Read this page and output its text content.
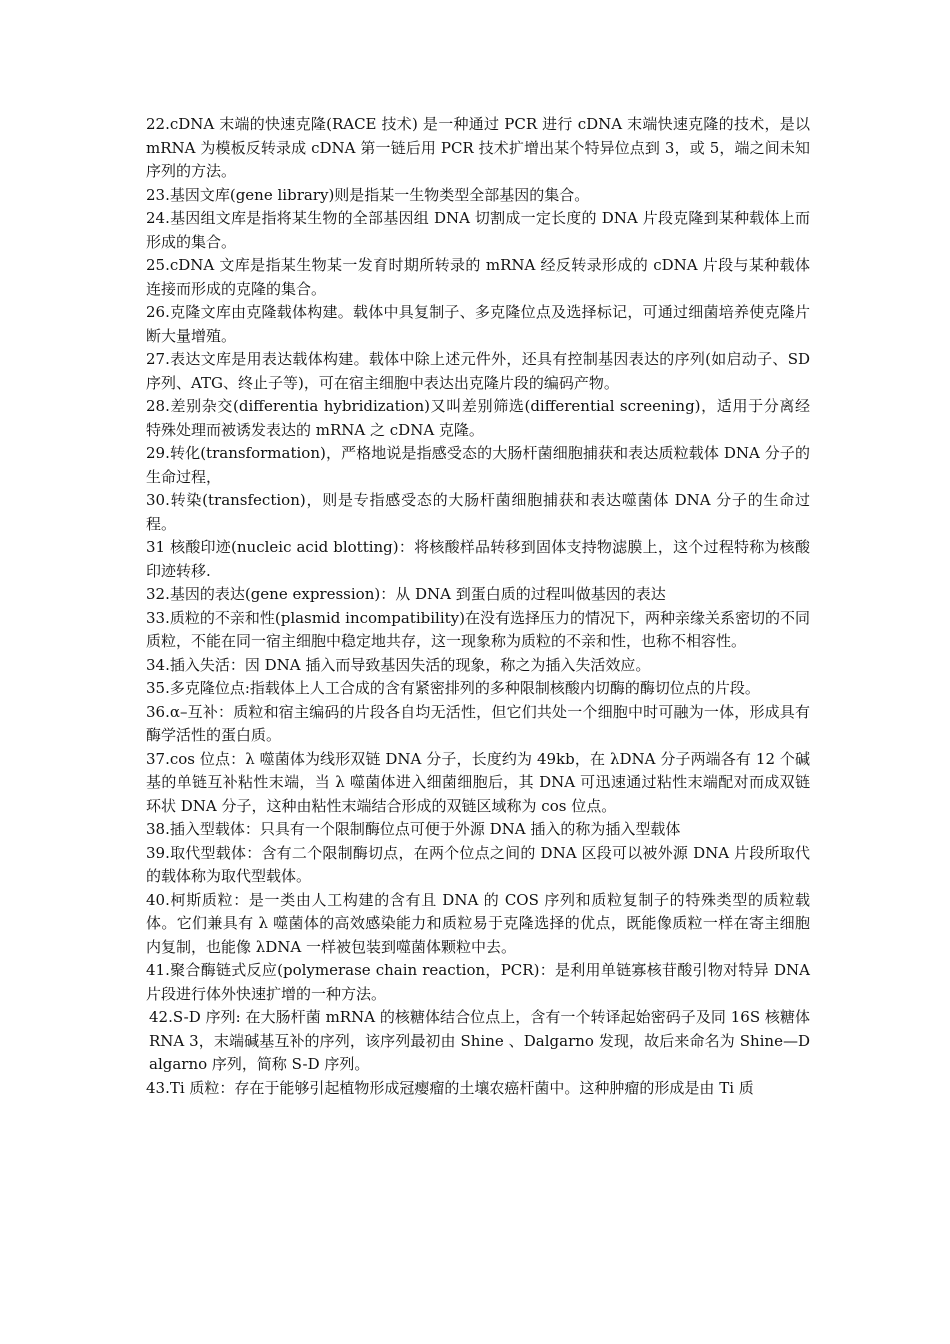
22.cDNA 末端的快速克隆(RACE 技术) 是一种通过 PCR 进行 cDNA 末端快速克隆的技术，是以 mRNA 为模板反转录成 cDNA 第一链后用 PCR 技术扩增出某个特异位点到 3，或 5，端之间未知序列的方法。

23.基因文库(gene library)则是指某一生物类型全部基因的集合。

24.基因组文库是指将某生物的全部基因组 DNA 切割成一定长度的 DNA 片段克隆到某种载体上而形成的集合。

25.cDNA 文库是指某生物某一发育时期所转录的 mRNA 经反转录形成的 cDNA 片段与某种载体连接而形成的克隆的集合。

26.克隆文库由克隆载体构建。载体中具复制子、多克隆位点及选择标记，可通过细菌培养使克隆片断大量增殖。

27.表达文库是用表达载体构建。载体中除上述元件外，还具有控制基因表达的序列(如启动子、SD 序列、ATG、终止子等)，可在宿主细胞中表达出克隆片段的编码产物。

28.差别杂交(differentia hybridization)又叫差别筛选(differential screening)，适用于分离经特殊处理而被诱发表达的 mRNA 之 cDNA 克隆。

29.转化(transformation)，严格地说是指感受态的大肠杆菌细胞捕获和表达质粒载体 DNA 分子的生命过程，

30.转染(transfection)，则是专指感受态的大肠杆菌细胞捕获和表达噬菌体 DNA 分子的生命过程。

31 核酸印迹(nucleic acid blotting)：将核酸样品转移到固体支持物滤膜上，这个过程特称为核酸印迹转移.

32.基因的表达(gene expression)：从 DNA 到蛋白质的过程叫做基因的表达

33.质粒的不亲和性(plasmid incompatibility)在没有选择压力的情况下，两种亲缘关系密切的不同质粒，不能在同一宿主细胞中稳定地共存，这一现象称为质粒的不亲和性，也称不相容性。

34.插入失活：因 DNA 插入而导致基因失活的现象，称之为插入失活效应。

35.多克隆位点:指载体上人工合成的含有紧密排列的多种限制核酸内切酶的酶切位点的片段。

36.α–互补：质粒和宿主编码的片段各自均无活性，但它们共处一个细胞中时可融为一体，形成具有酶学活性的蛋白质。

37.cos 位点：λ 噬菌体为线形双链 DNA 分子，长度约为 49kb，在 λDNA 分子两端各有 12 个碱基的单链互补粘性末端，当 λ 噬菌体进入细菌细胞后，其 DNA 可迅速通过粘性末端配对而成双链环状 DNA 分子，这种由粘性末端结合形成的双链区域称为 cos 位点。

38.插入型载体：只具有一个限制酶位点可便于外源 DNA 插入的称为插入型载体

39.取代型载体：含有二个限制酶切点，在两个位点之间的 DNA 区段可以被外源 DNA 片段所取代的载体称为取代型载体。

40.柯斯质粒：是一类由人工构建的含有且 DNA 的 COS 序列和质粒复制子的特殊类型的质粒载体。它们兼具有 λ 噬菌体的高效感染能力和质粒易于克隆选择的优点，既能像质粒一样在寄主细胞内复制，也能像 λDNA 一样被包装到噬菌体颗粒中去。

41.聚合酶链式反应(polymerase chain reaction，PCR)：是利用单链寡核苷酸引物对特异 DNA 片段进行体外快速扩增的一种方法。

42.S-D 序列: 在大肠杆菌 mRNA 的核糖体结合位点上，含有一个转译起始密码子及同 16S 核糖体 RNA 3，末端碱基互补的序列，该序列最初由 Shine 、Dalgarno 发现，故后来命名为 Shine—Dalgarno 序列，简称 S-D 序列。

43.Ti 质粒：存在于能够引起植物形成冠瘿瘤的土壤农癌杆菌中。这种肿瘤的形成是由 Ti 质
